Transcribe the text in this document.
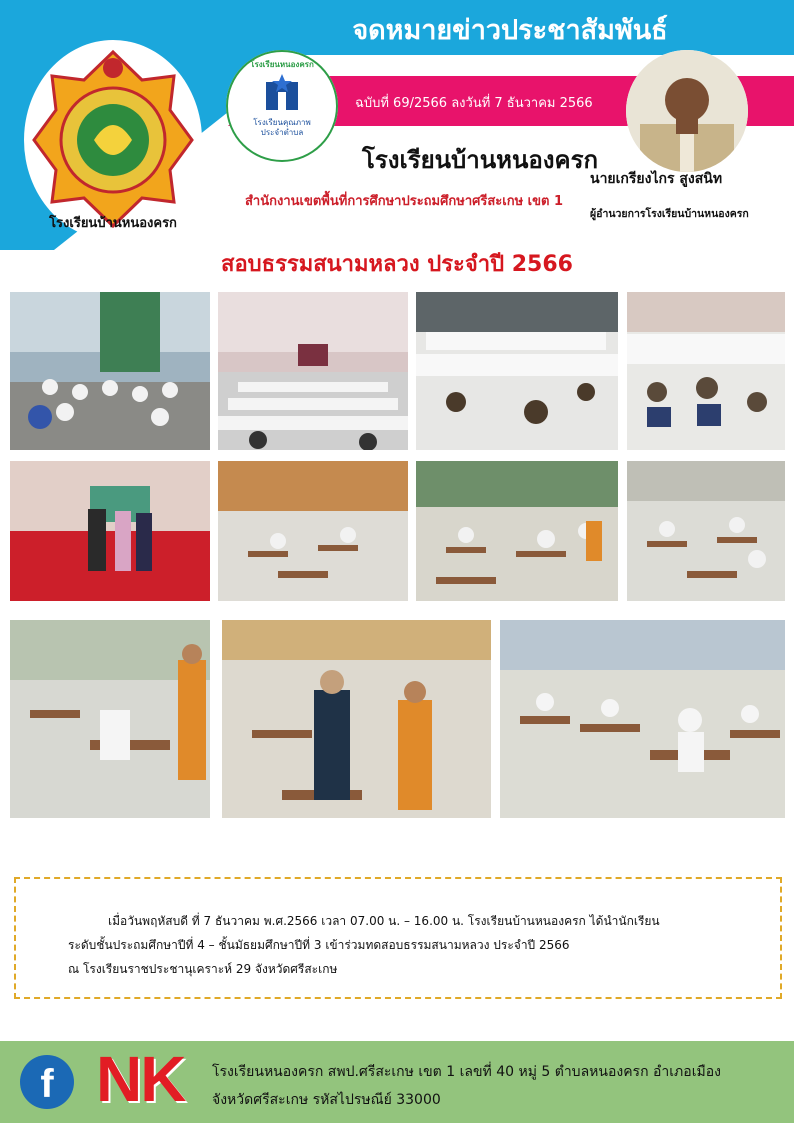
จดหมายข่าวประชาสัมพันธ์
ฉบับที่ 69/2566 ลงวันที่ 7 ธันวาคม 2566
โรงเรียนบ้านหนองครก
สำนักงานเขตพื้นที่การศึกษาประถมศึกษาศรีสะเกษ เขต 1
โรงเรียนบ้านหนองครก
โรงเรียนหนองครก
โรงเรียนคุณภาพ ประจำตำบล
นายเกรียงไกร สูงสนิท
ผู้อำนวยการโรงเรียนบ้านหนองครก
สอบธรรมสนามหลวง ประจำปี 2566
เมื่อวันพฤหัสบดี ที่ 7 ธันวาคม พ.ศ.2566 เวลา 07.00 น. – 16.00 น. โรงเรียนบ้านหนองครก ได้นำนักเรียน
ระดับชั้นประถมศึกษาปีที่ 4 – ชั้นมัธยมศึกษาปีที่ 3 เข้าร่วมทดสอบธรรมสนามหลวง ประจำปี 2566
ณ โรงเรียนราชประชานุเคราะห์ 29 จังหวัดศรีสะเกษ
f NK โรงเรียนหนองครก สพป.ศรีสะเกษ เขต 1 เลขที่ 40 หมู่ 5 ตำบลหนองครก อำเภอเมือง
จังหวัดศรีสะเกษ รหัสไปรษณีย์ 33000
